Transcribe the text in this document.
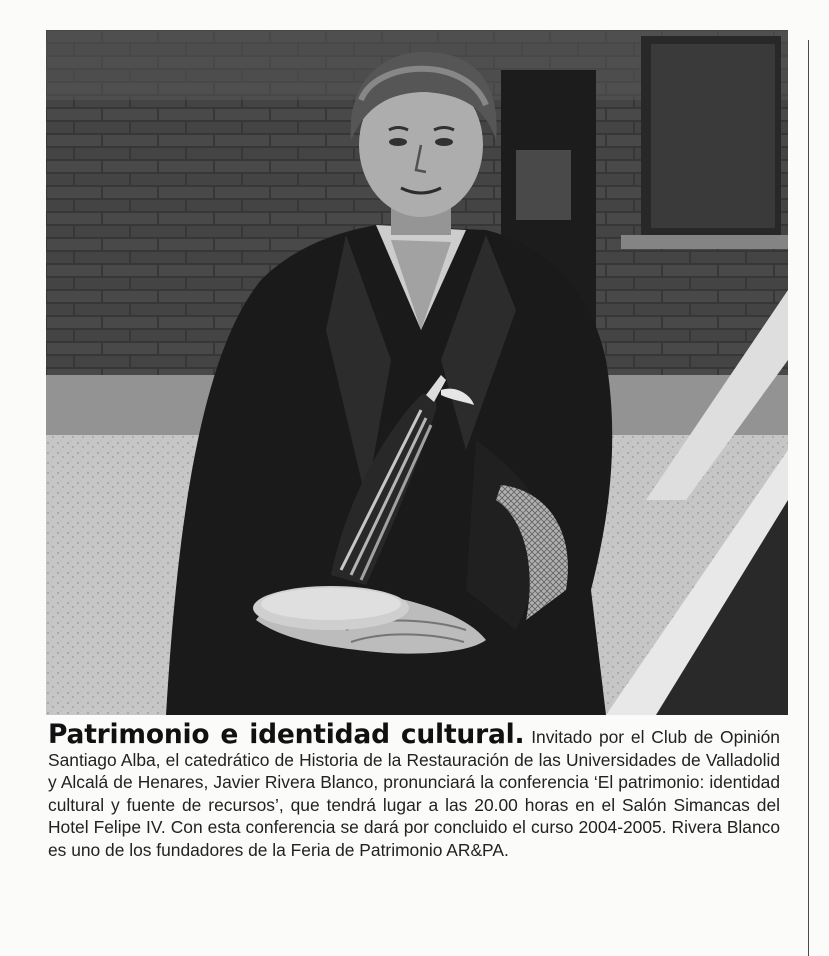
Patrimonio e identidad cultural. Invitado por el Club de Opinión Santiago Alba, el catedrático de Historia de la Restauración de las Universidades de Valladolid y Alcalá de Henares, Javier Rivera Blanco, pronunciará la conferencia ‘El patrimonio: identidad cultural y fuente de recursos’, que tendrá lugar a las 20.00 horas en el Salón Simancas del Hotel Felipe IV. Con esta conferencia se dará por concluido el curso 2004-2005. Rivera Blanco es uno de los fundadores de la Feria de Patrimonio AR&PA.
